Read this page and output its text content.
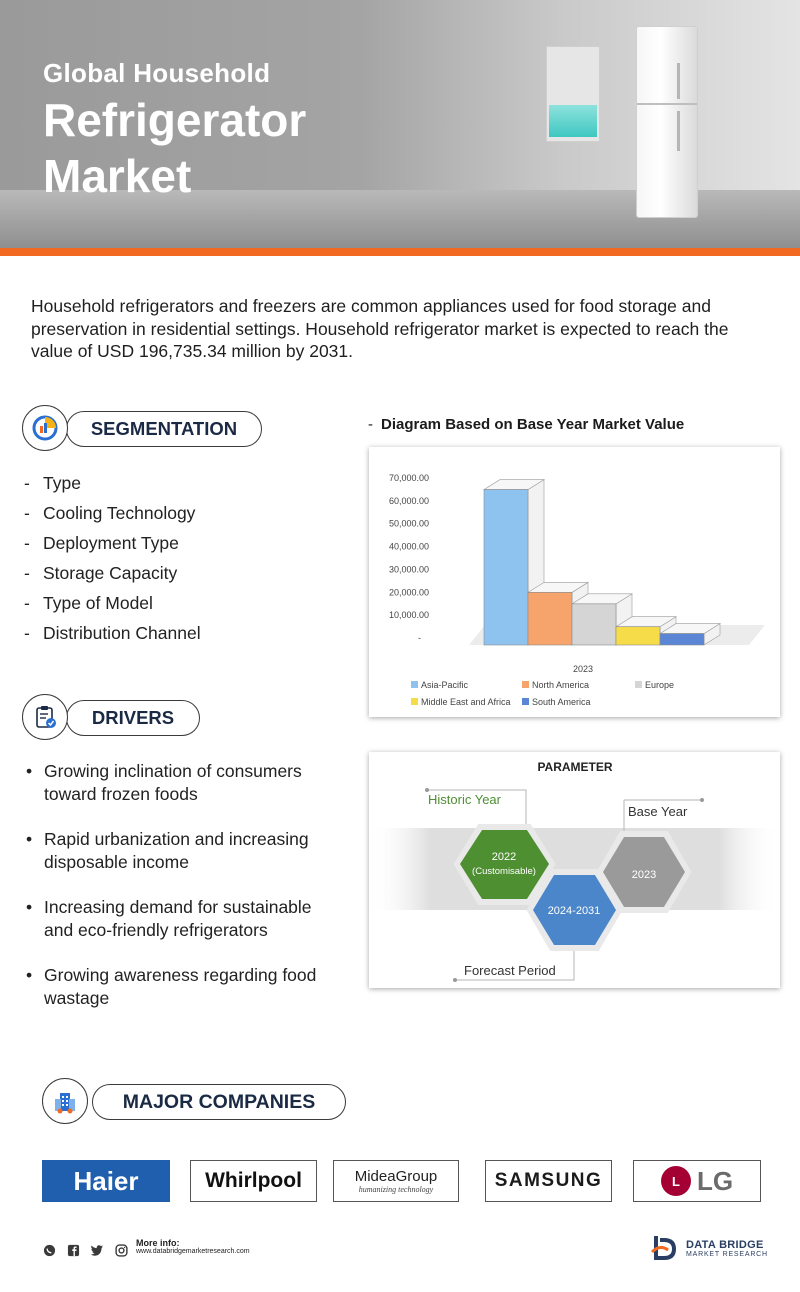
Global Household
Refrigerator
Market
Household refrigerators and freezers are common appliances used for food storage and preservation in residential settings. Household refrigerator market is expected to reach the value of USD 196,735.34 million by 2031.
SEGMENTATION
- Type
- Cooling Technology
- Deployment Type
- Storage Capacity
- Type of Model
- Distribution Channel
DRIVERS
• Growing inclination of consumers toward frozen foods
• Rapid urbanization and increasing disposable income
• Increasing demand for sustainable and eco-friendly refrigerators
• Growing awareness regarding food wastage
- Diagram Based on Base Year Market Value
-
10,000.00
20,000.00
30,000.00
40,000.00
50,000.00
60,000.00
70,000.00
2023
Asia-Pacific	North America	Europe
Middle East and Africa South America
PARAMETER
Historic Year
Base Year
Forecast Period
2022
(Customisable)
2024-2031
2023
MAJOR COMPANIES
Haier	Whirlpool	MideaGroup
humanizing technology	SAMSUNG	L LG
More info:
www.databridgemarketresearch.com
DATA BRIDGE
MARKET RESEARCH
